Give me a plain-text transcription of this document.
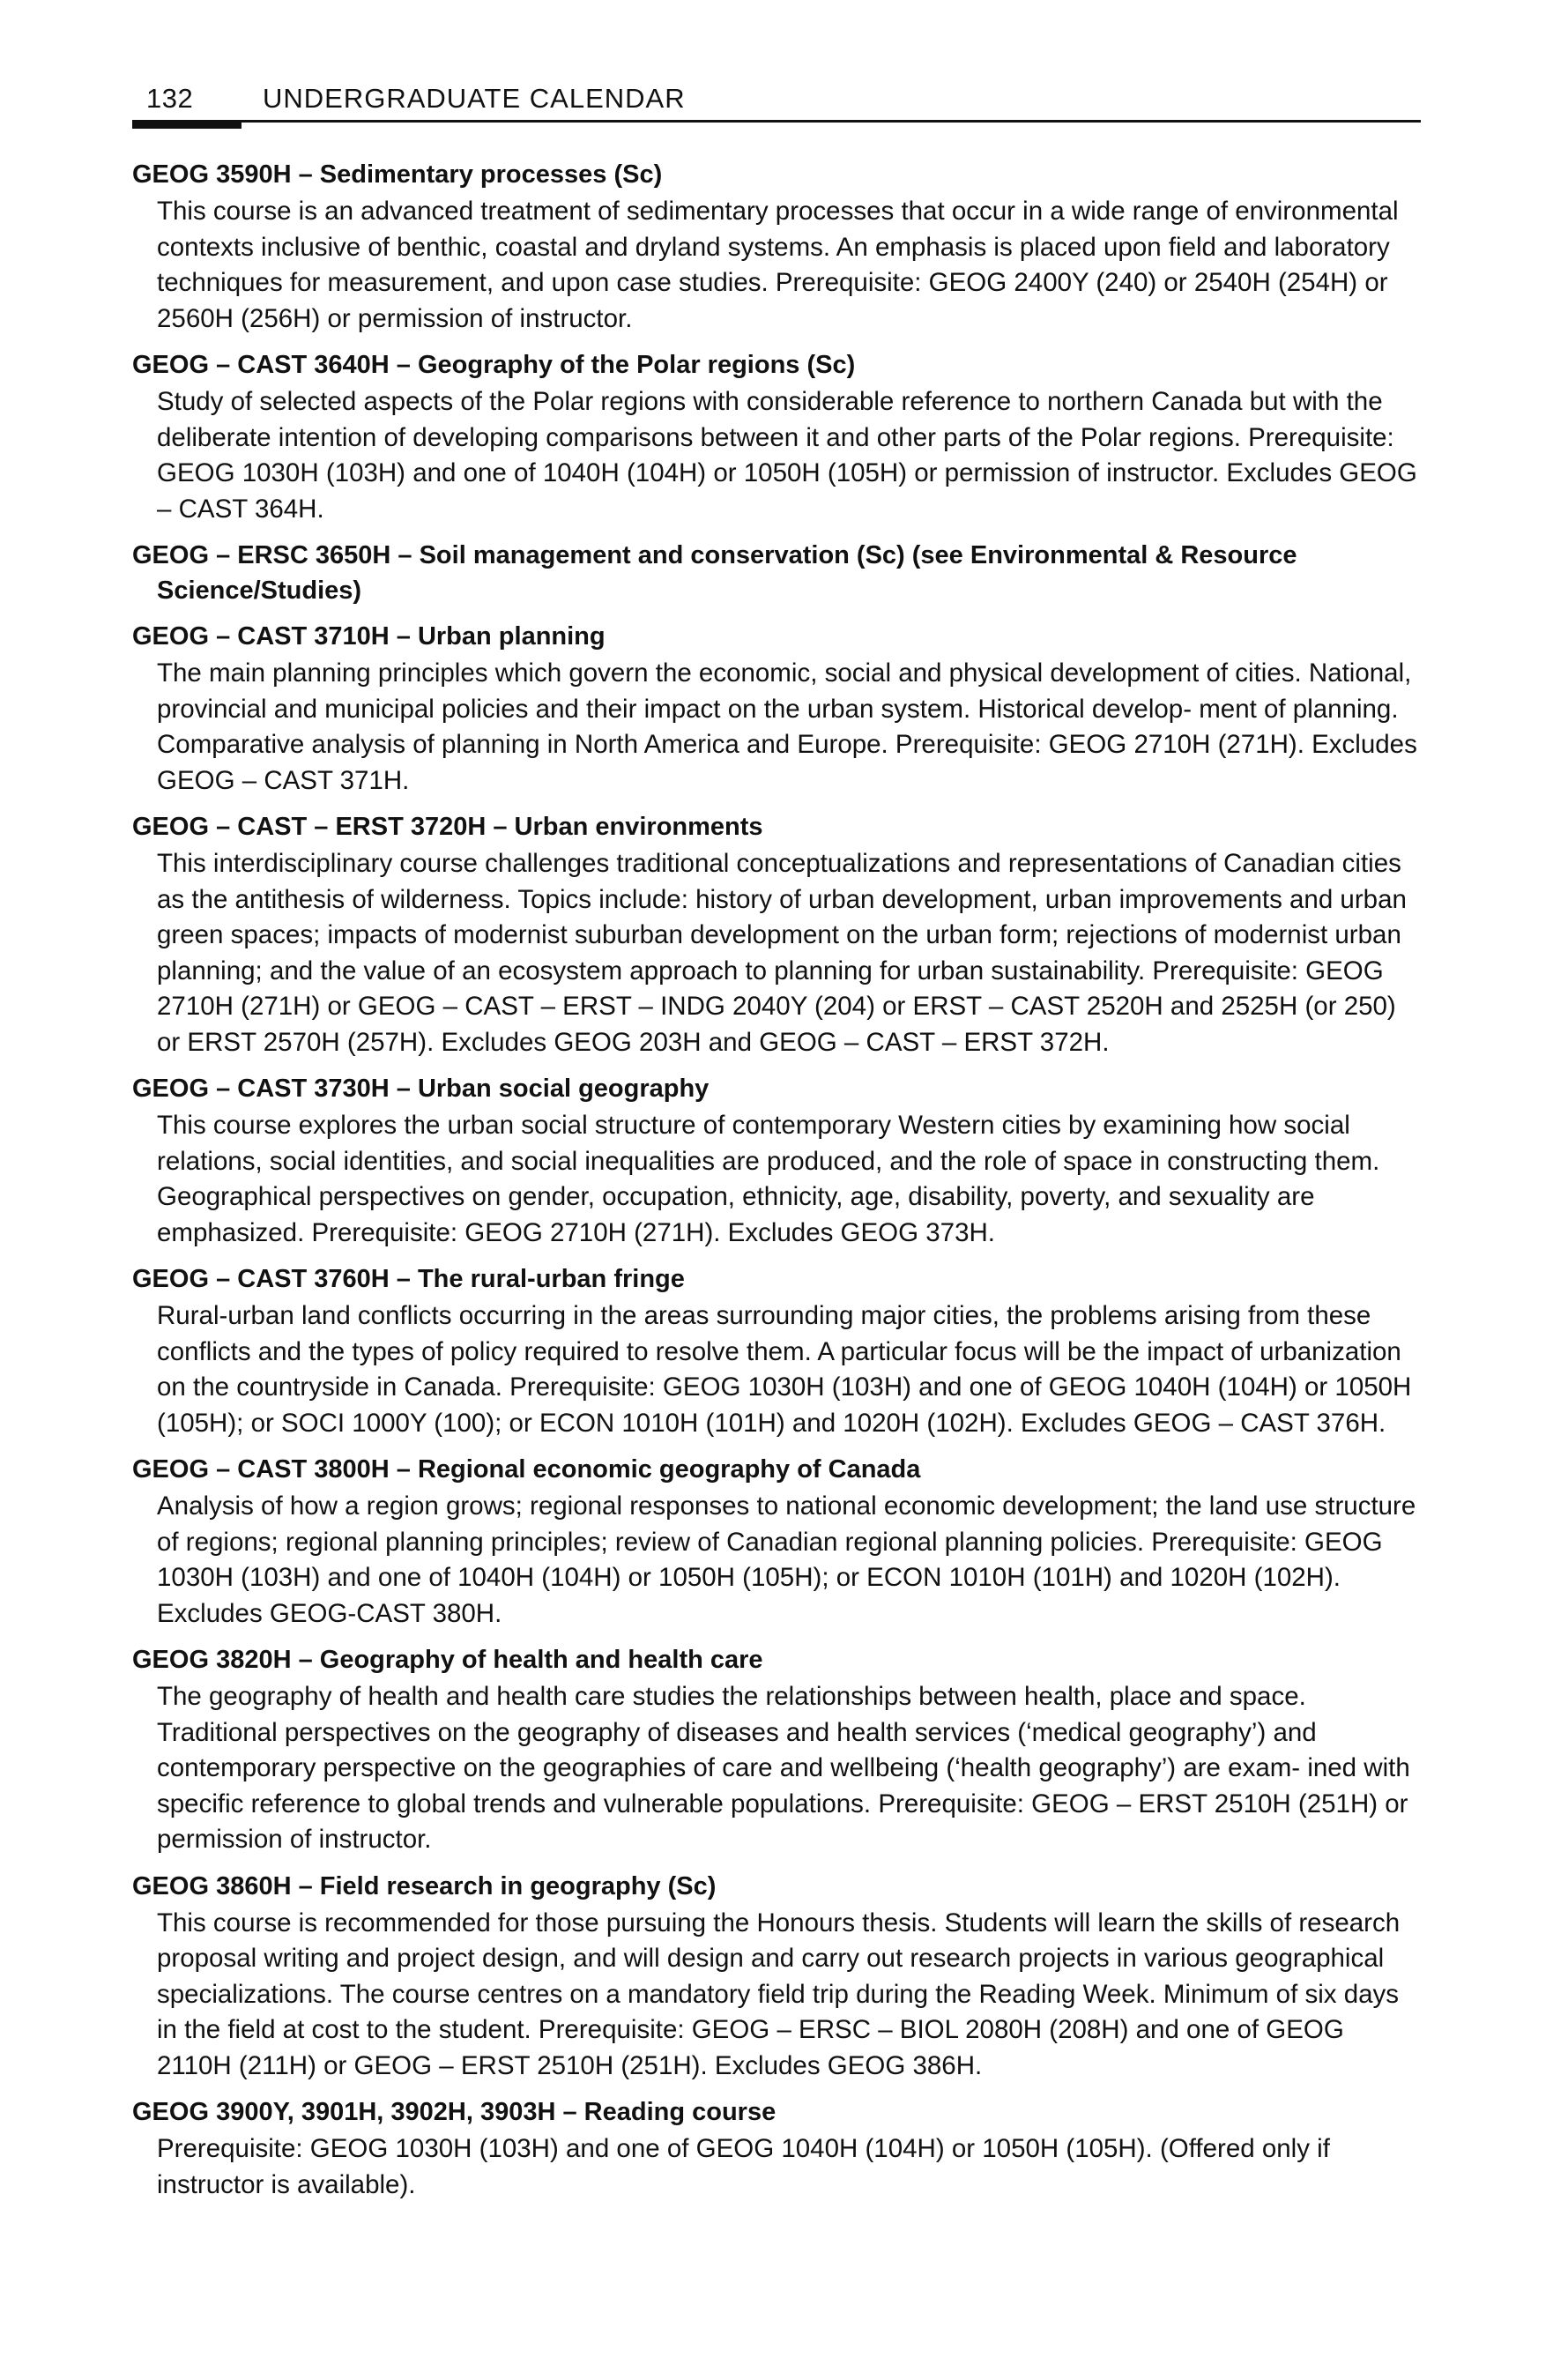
132	UNDERGRADUATE CALENDAR

GEOG 3590H – Sedimentary processes (Sc)

This course is an advanced treatment of sedimentary processes that occur in a wide range of environmental contexts inclusive of benthic, coastal and dryland systems. An emphasis is placed upon field and laboratory techniques for measurement, and upon case studies. Prerequisite: GEOG 2400Y (240) or 2540H (254H) or 2560H (256H) or permission of instructor.

GEOG – CAST 3640H – Geography of the Polar regions (Sc)

Study of selected aspects of the Polar regions with considerable reference to northern Canada but with the deliberate intention of developing comparisons between it and other parts of the Polar regions. Prerequisite: GEOG 1030H (103H) and one of 1040H (104H) or 1050H (105H) or permission of instructor. Excludes GEOG – CAST 364H.

GEOG – ERSC 3650H – Soil management and conservation (Sc) (see Environmental & Resource Science/Studies)

GEOG – CAST 3710H – Urban planning

The main planning principles which govern the economic, social and physical development of cities. National, provincial and municipal policies and their impact on the urban system. Historical develop- ment of planning. Comparative analysis of planning in North America and Europe. Prerequisite: GEOG 2710H (271H). Excludes GEOG – CAST 371H.

GEOG – CAST – ERST 3720H – Urban environments

This interdisciplinary course challenges traditional conceptualizations and representations of Canadian cities as the antithesis of wilderness. Topics include: history of urban development, urban improvements and urban green spaces; impacts of modernist suburban development on the urban form; rejections of modernist urban planning; and the value of an ecosystem approach to planning for urban sustainability. Prerequisite: GEOG 2710H (271H) or GEOG – CAST – ERST – INDG 2040Y (204) or ERST – CAST 2520H and 2525H (or 250) or ERST 2570H (257H). Excludes GEOG 203H and GEOG – CAST – ERST 372H.

GEOG – CAST 3730H – Urban social geography

This course explores the urban social structure of contemporary Western cities by examining how social relations, social identities, and social inequalities are produced, and the role of space in constructing them. Geographical perspectives on gender, occupation, ethnicity, age, disability, poverty, and sexuality are emphasized. Prerequisite: GEOG 2710H (271H). Excludes GEOG 373H.

GEOG – CAST 3760H – The rural-urban fringe

Rural-urban land conflicts occurring in the areas surrounding major cities, the problems arising from these conflicts and the types of policy required to resolve them. A particular focus will be the impact of urbanization on the countryside in Canada. Prerequisite: GEOG 1030H (103H) and one of GEOG 1040H (104H) or 1050H (105H); or SOCI 1000Y (100); or ECON 1010H (101H) and 1020H (102H). Excludes GEOG – CAST 376H.

GEOG – CAST 3800H – Regional economic geography of Canada

Analysis of how a region grows; regional responses to national economic development; the land use structure of regions; regional planning principles; review of Canadian regional planning policies. Prerequisite: GEOG 1030H (103H) and one of 1040H (104H) or 1050H (105H); or ECON 1010H (101H) and 1020H (102H). Excludes GEOG-CAST 380H.

GEOG 3820H – Geography of health and health care

The geography of health and health care studies the relationships between health, place and space. Traditional perspectives on the geography of diseases and health services (‘medical geography’) and contemporary perspective on the geographies of care and wellbeing (‘health geography’) are exam- ined with specific reference to global trends and vulnerable populations. Prerequisite: GEOG – ERST 2510H (251H) or permission of instructor.

GEOG 3860H – Field research in geography (Sc)

This course is recommended for those pursuing the Honours thesis. Students will learn the skills of research proposal writing and project design, and will design and carry out research projects in various geographical specializations. The course centres on a mandatory field trip during the Reading Week. Minimum of six days in the field at cost to the student. Prerequisite: GEOG – ERSC – BIOL 2080H (208H) and one of GEOG 2110H (211H) or GEOG – ERST 2510H (251H). Excludes GEOG 386H.

GEOG 3900Y, 3901H, 3902H, 3903H – Reading course

Prerequisite: GEOG 1030H (103H) and one of GEOG 1040H (104H) or 1050H (105H). (Offered only if instructor is available).
